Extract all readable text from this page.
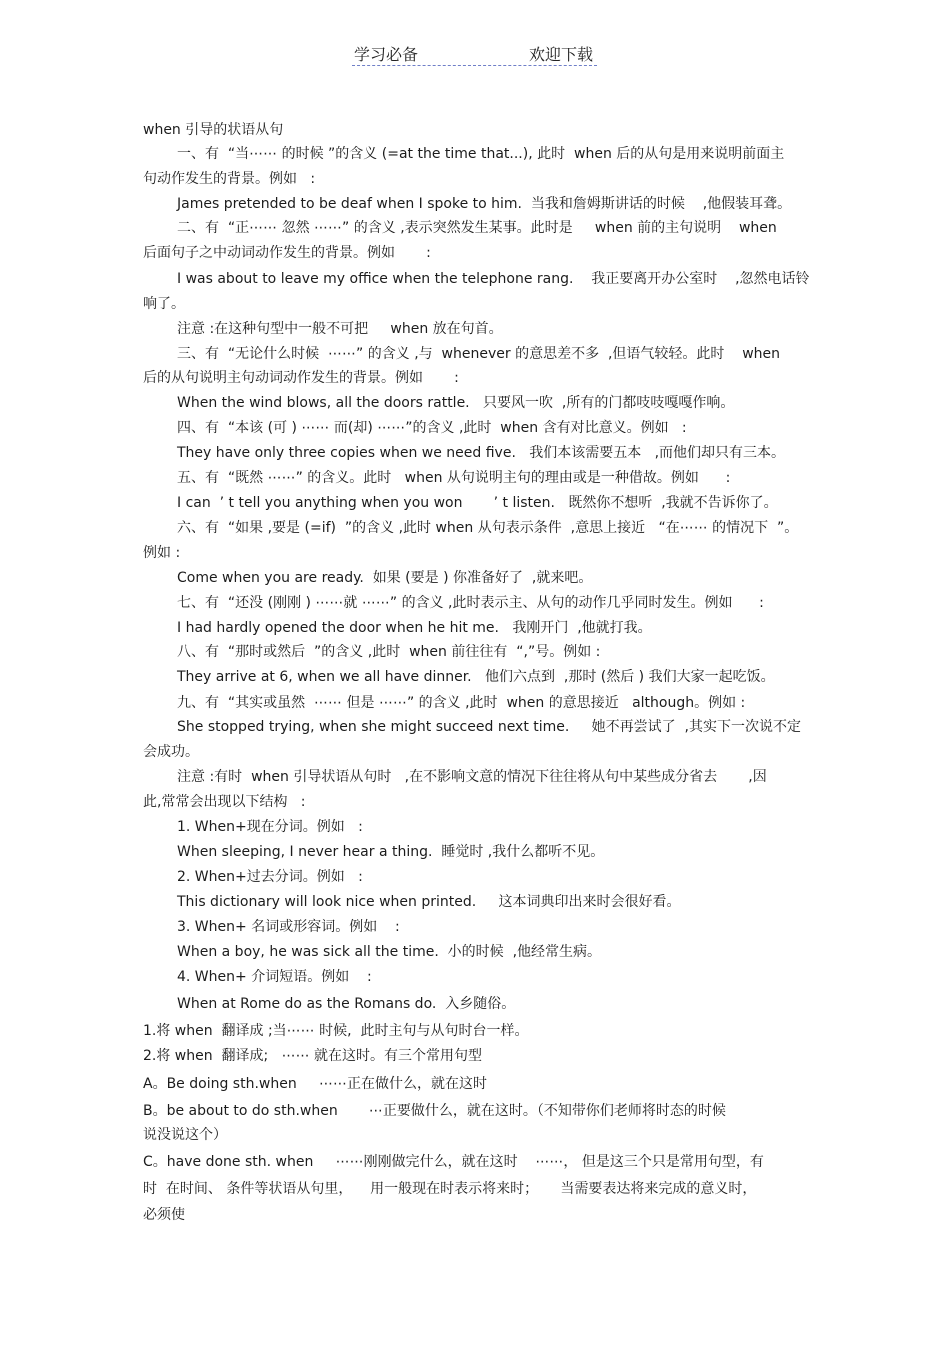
学习必备	欢迎下载
when 引导的状语从句
一、有  “当⋯⋯ 的时候 ”的含义 (=at the time that...), 此时  when 后的从句是用来说明前面主
句动作发生的背景。例如   :
James pretended to be deaf when I spoke to him.  当我和詹姆斯讲话的时候    ,他假装耳聋。
二、有  “正⋯⋯ 忽然 ⋯⋯” 的含义 ,表示突然发生某事。此时是     when 前的主句说明    when
后面句子之中动词动作发生的背景。例如       :
I was about to leave my office when the telephone rang.    我正要离开办公室时    ,忽然电话铃
响了。
注意 :在这种句型中一般不可把     when 放在句首。
三、有  “无论什么时候  ⋯⋯” 的含义 ,与  whenever 的意思差不多  ,但语气较轻。此时    when
后的从句说明主句动词动作发生的背景。例如       :
When the wind blows, all the doors rattle.   只要风一吹  ,所有的门都吱吱嘎嘎作响。
四、有  “本该 (可 ) ⋯⋯ 而(却) ⋯⋯”的含义 ,此时  when 含有对比意义。例如   :
They have only three copies when we need five.   我们本该需要五本   ,而他们却只有三本。
五、有  “既然 ⋯⋯” 的含义。此时   when 从句说明主句的理由或是一种借故。例如      :
I can  ’ t tell you anything when you won       ’ t listen.   既然你不想听  ,我就不告诉你了。
六、有  “如果 ,要是 (=if)  ”的含义 ,此时 when 从句表示条件  ,意思上接近   “在⋯⋯ 的情况下  ”。
例如 :
Come when you are ready.  如果 (要是 ) 你准备好了  ,就来吧。
七、有  “还没 (刚刚 ) ⋯⋯就 ⋯⋯” 的含义 ,此时表示主、从句的动作几乎同时发生。例如      :
I had hardly opened the door when he hit me.   我刚开门  ,他就打我。
八、有  “那时或然后  ”的含义 ,此时  when 前往往有  “,”号。例如 :
They arrive at 6, when we all have dinner.   他们六点到  ,那时 (然后 ) 我们大家一起吃饭。
九、有  “其实或虽然  ⋯⋯ 但是 ⋯⋯” 的含义 ,此时  when 的意思接近   although。例如 :
She stopped trying, when she might succeed next time.     她不再尝试了  ,其实下一次说不定
会成功。
注意 :有时  when 引导状语从句时   ,在不影响文意的情况下往往将从句中某些成分省去       ,因
此,常常会出现以下结构   :
1. When+现在分词。例如   :
When sleeping, I never hear a thing.  睡觉时 ,我什么都听不见。
2. When+过去分词。例如   :
This dictionary will look nice when printed.     这本词典印出来时会很好看。
3. When+ 名词或形容词。例如    :
When a boy, he was sick all the time.  小的时候  ,他经常生病。
4. When+ 介词短语。例如    :
When at Rome do as the Romans do.  入乡随俗。
1.将 when  翻译成 ;当⋯⋯ 时候,  此时主句与从句时台一样。
2.将 when  翻译成;   ⋯⋯ 就在这时。有三个常用句型
A。Be doing sth.when     ⋯⋯正在做什么，就在这时
B。be about to do sth.when       ⋯正要做什么，就在这时。（不知带你们老师将时态的时候
说没说这个）
C。have done sth. when     ⋯⋯刚刚做完什么，就在这时    ⋯⋯， 但是这三个只是常用句型，有
时  在时间、 条件等状语从句里，    用一般现在时表示将来时；     当需要表达将来完成的意义时，
必须使
